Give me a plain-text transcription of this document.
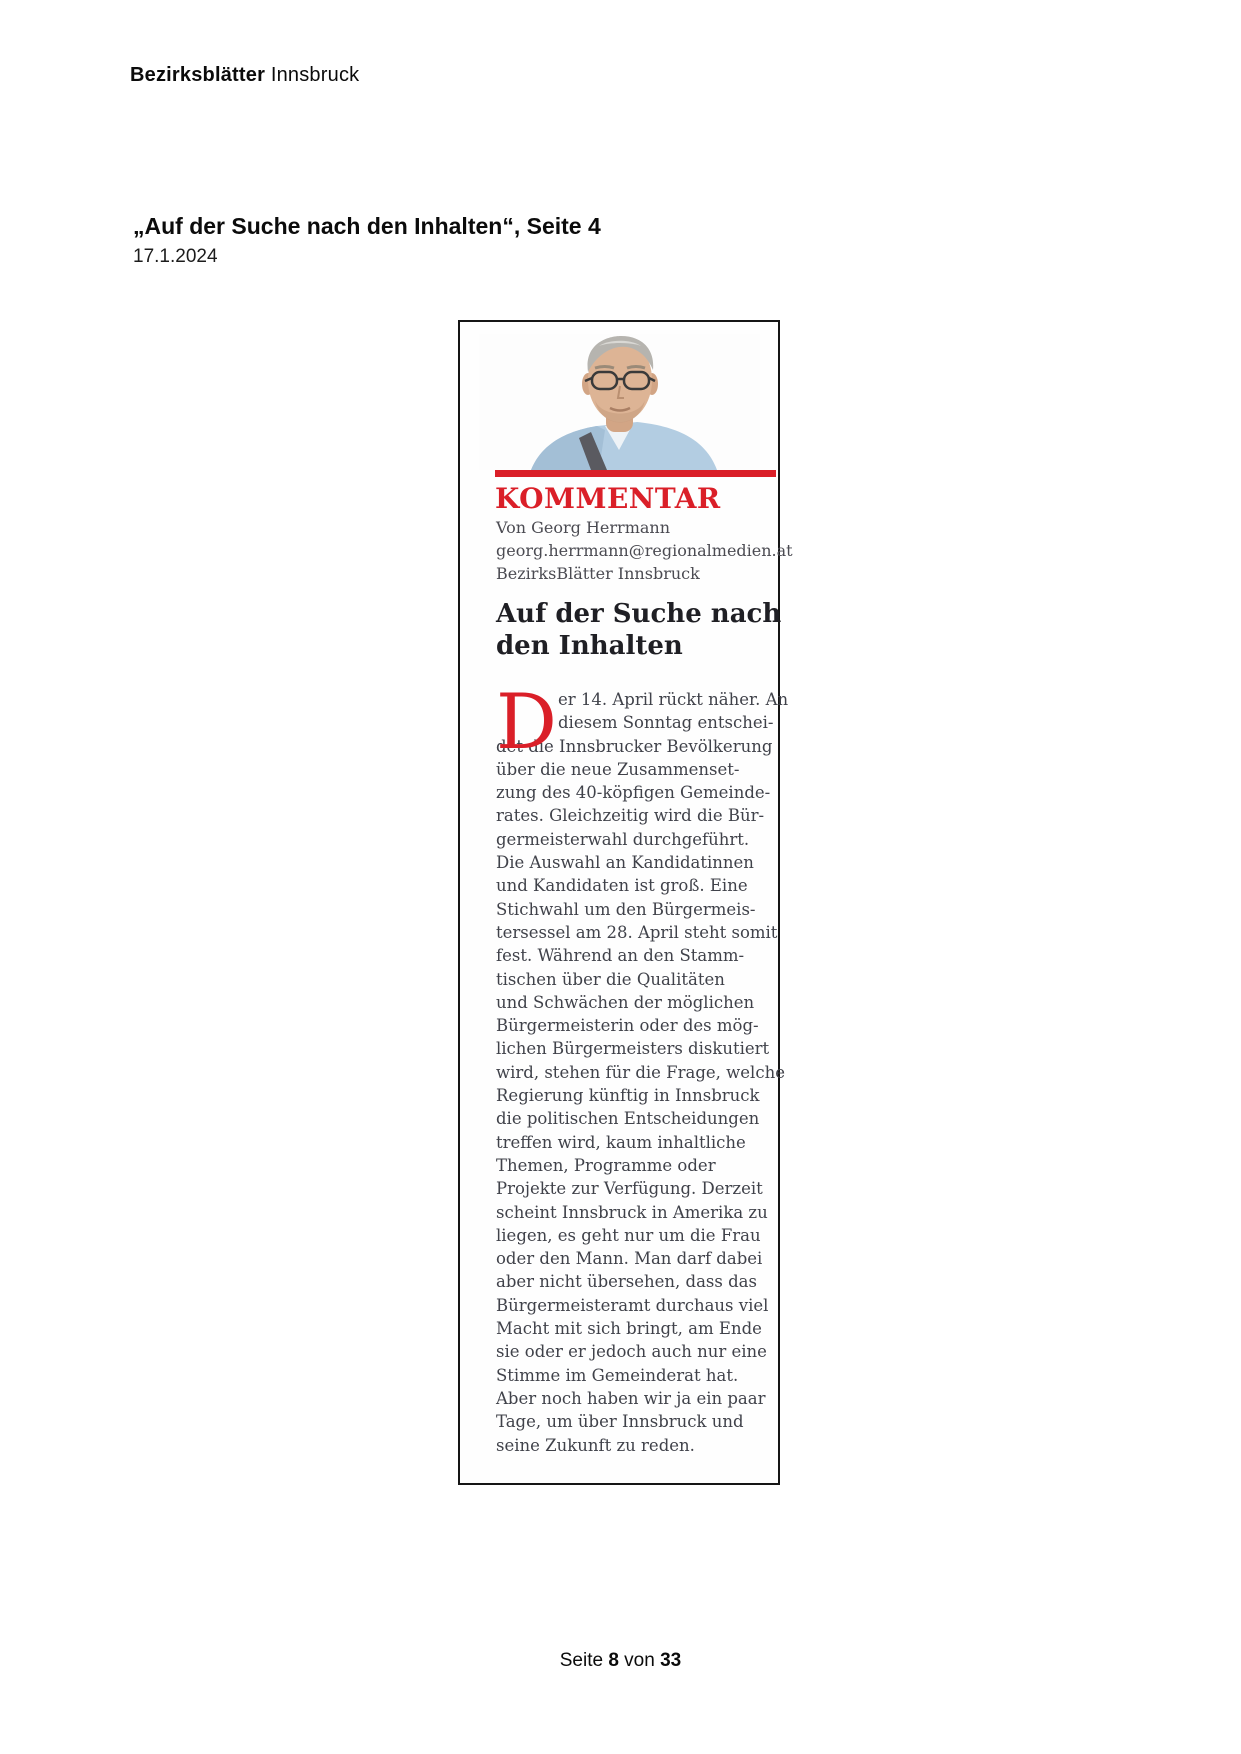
Bezirksblätter Innsbruck
„Auf der Suche nach den Inhalten“, Seite 4
17.1.2024
KOMMENTAR
Von Georg Herrmann
georg.herrmann@regionalmedien.at
BezirksBlätter Innsbruck
Auf der Suche nach
den Inhalten
D er 14. April rückt näher. An
diesem Sonntag entschei-
det die Innsbrucker Bevölkerung
über die neue Zusammenset-
zung des 40-köpfigen Gemeinde-
rates. Gleichzeitig wird die Bür-
germeisterwahl durchgeführt.
Die Auswahl an Kandidatinnen
und Kandidaten ist groß. Eine
Stichwahl um den Bürgermeis-
tersessel am 28. April steht somit
fest. Während an den Stamm-
tischen über die Qualitäten
und Schwächen der möglichen
Bürgermeisterin oder des mög-
lichen Bürgermeisters diskutiert
wird, stehen für die Frage, welche
Regierung künftig in Innsbruck
die politischen Entscheidungen
treffen wird, kaum inhaltliche
Themen, Programme oder
Projekte zur Verfügung. Derzeit
scheint Innsbruck in Amerika zu
liegen, es geht nur um die Frau
oder den Mann. Man darf dabei
aber nicht übersehen, dass das
Bürgermeisteramt durchaus viel
Macht mit sich bringt, am Ende
sie oder er jedoch auch nur eine
Stimme im Gemeinderat hat.
Aber noch haben wir ja ein paar
Tage, um über Innsbruck und
seine Zukunft zu reden.
Seite 8 von 33
